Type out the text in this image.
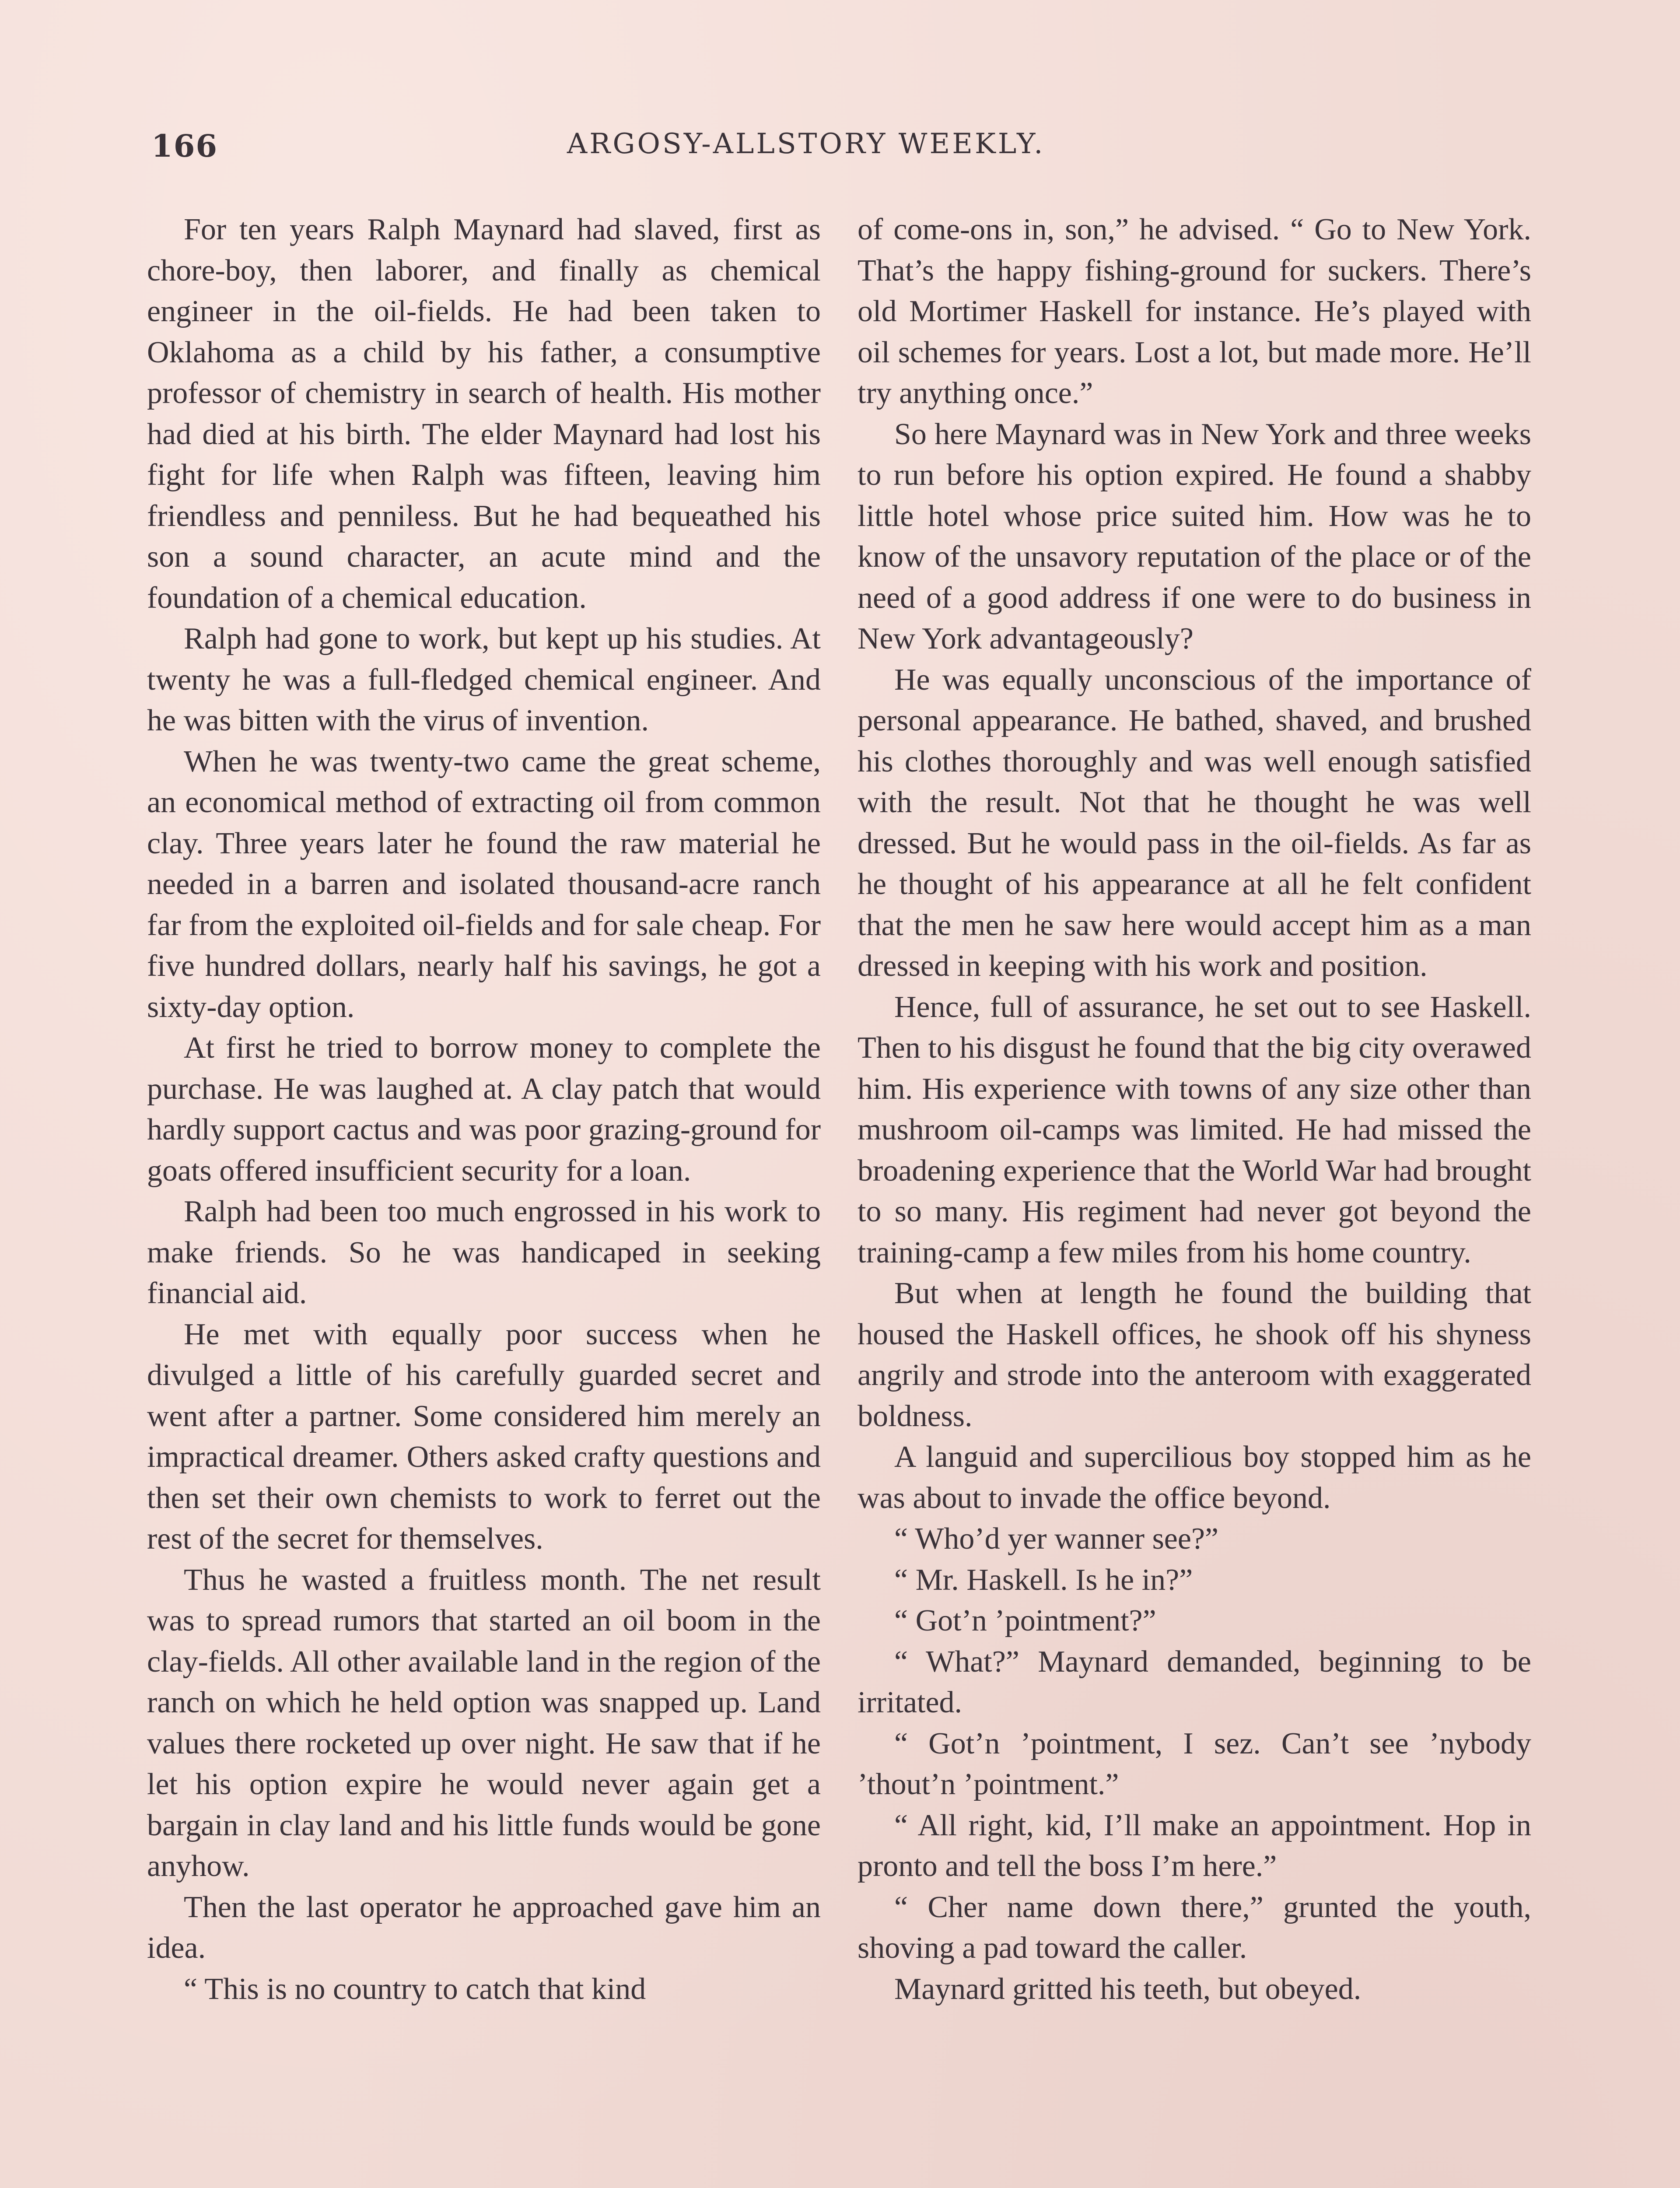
166	ARGOSY-ALLSTORY WEEKLY.

For ten years Ralph Maynard had slaved, first as chore-boy, then laborer, and finally as chemical engineer in the oil-fields. He had been taken to Oklahoma as a child by his father, a consumptive professor of chemistry in search of health. His mother had died at his birth. The elder Maynard had lost his fight for life when Ralph was fifteen, leaving him friendless and penniless. But he had bequeathed his son a sound character, an acute mind and the foundation of a chemical education.

Ralph had gone to work, but kept up his studies. At twenty he was a full-fledged chemical engineer. And he was bitten with the virus of invention.

When he was twenty-two came the great scheme, an economical method of extracting oil from common clay. Three years later he found the raw material he needed in a barren and isolated thousand-acre ranch far from the exploited oil-fields and for sale cheap. For five hundred dollars, nearly half his savings, he got a sixty-day option.

At first he tried to borrow money to complete the purchase. He was laughed at. A clay patch that would hardly support cactus and was poor grazing-ground for goats offered insufficient security for a loan.

Ralph had been too much engrossed in his work to make friends. So he was handicaped in seeking financial aid.

He met with equally poor success when he divulged a little of his carefully guarded secret and went after a partner. Some considered him merely an impractical dreamer. Others asked crafty questions and then set their own chemists to work to ferret out the rest of the secret for themselves.

Thus he wasted a fruitless month. The net result was to spread rumors that started an oil boom in the clay-fields. All other available land in the region of the ranch on which he held option was snapped up. Land values there rocketed up over night. He saw that if he let his option expire he would never again get a bargain in clay land and his little funds would be gone anyhow.

Then the last operator he approached gave him an idea.

“ This is no country to catch that kind

of come-ons in, son,” he advised. “ Go to New York. That’s the happy fishing-ground for suckers. There’s old Mortimer Haskell for instance. He’s played with oil schemes for years. Lost a lot, but made more. He’ll try anything once.”

So here Maynard was in New York and three weeks to run before his option expired. He found a shabby little hotel whose price suited him. How was he to know of the unsavory reputation of the place or of the need of a good address if one were to do business in New York advantageously?

He was equally unconscious of the importance of personal appearance. He bathed, shaved, and brushed his clothes thoroughly and was well enough satisfied with the result. Not that he thought he was well dressed. But he would pass in the oil-fields. As far as he thought of his appearance at all he felt confident that the men he saw here would accept him as a man dressed in keeping with his work and position.

Hence, full of assurance, he set out to see Haskell. Then to his disgust he found that the big city overawed him. His experience with towns of any size other than mushroom oil-camps was limited. He had missed the broadening experience that the World War had brought to so many. His regiment had never got beyond the training-camp a few miles from his home country.

But when at length he found the building that housed the Haskell offices, he shook off his shyness angrily and strode into the anteroom with exaggerated boldness.

A languid and supercilious boy stopped him as he was about to invade the office beyond.

“ Who’d yer wanner see?”

“ Mr. Haskell. Is he in?”

“ Got’n ’pointment?”

“ What?” Maynard demanded, beginning to be irritated.

“ Got’n ’pointment, I sez. Can’t see ’nybody ’thout’n ’pointment.”

“ All right, kid, I’ll make an appointment. Hop in pronto and tell the boss I’m here.”

“ Cher name down there,” grunted the youth, shoving a pad toward the caller.

Maynard gritted his teeth, but obeyed.
